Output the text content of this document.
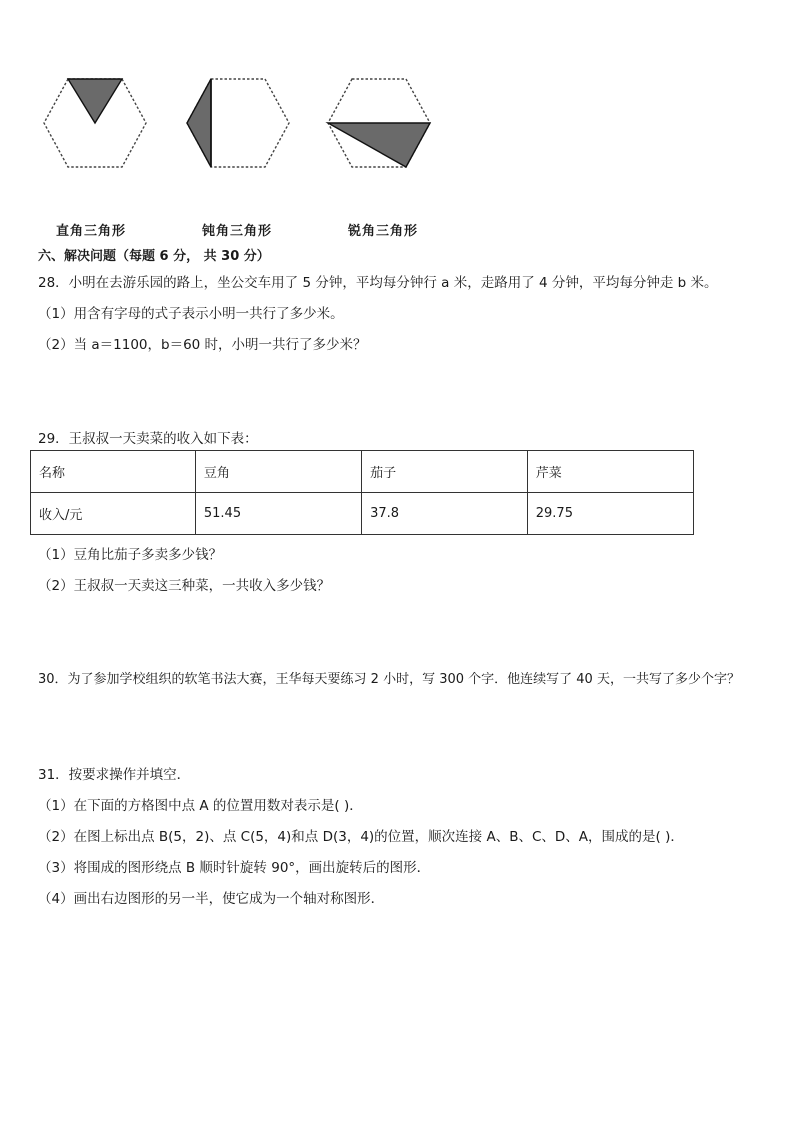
直角三角形	钝角三角形	锐角三角形
六、解决问题（每题 6 分， 共 30 分）
28．小明在去游乐园的路上，坐公交车用了 5 分钟，平均每分钟行 a 米，走路用了 4 分钟，平均每分钟走 b 米。
（1）用含有字母的式子表示小明一共行了多少米。
（2）当 a＝1100，b＝60 时，小明一共行了多少米？
29．王叔叔一天卖菜的收入如下表：
名称	豆角	茄子	芹菜
收入/元	51.45	37.8	29.75
（1）豆角比茄子多卖多少钱？
（2）王叔叔一天卖这三种菜，一共收入多少钱？
30．为了参加学校组织的软笔书法大赛，王华每天要练习 2 小时，写 300 个字．他连续写了 40 天，一共写了多少个字？
31．按要求操作并填空．
（1）在下面的方格图中点 A 的位置用数对表示是( )．
（2）在图上标出点 B(5，2)、点 C(5，4)和点 D(3，4)的位置，顺次连接 A、B、C、D、A，围成的是( )．
（3）将围成的图形绕点 B 顺时针旋转 90°，画出旋转后的图形．
（4）画出右边图形的另一半，使它成为一个轴对称图形．
